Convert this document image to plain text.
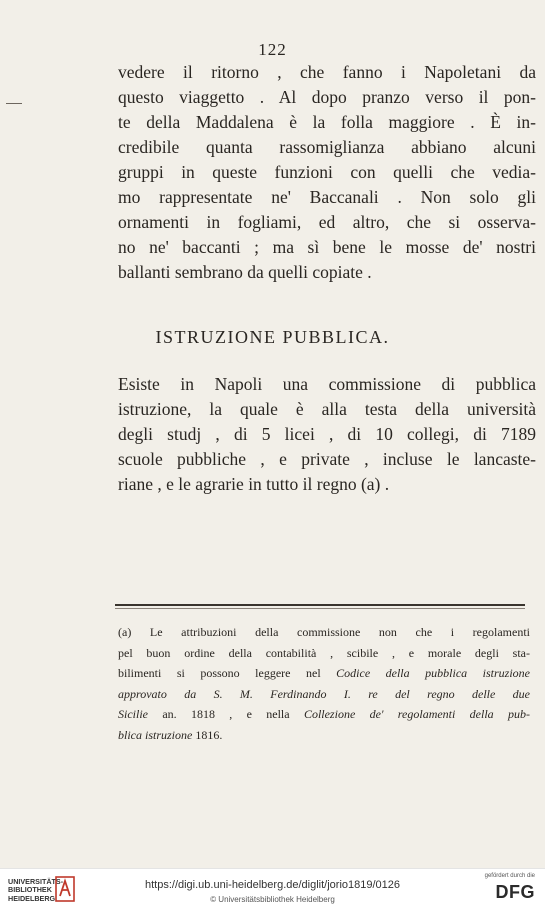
122

vedere il ritorno , che fanno i Napoletani da
questo viaggetto . Al dopo pranzo verso il pon-
te della Maddalena è la folla maggiore . È in-
credibile quanta rassomiglianza abbiano alcuni
gruppi in queste funzioni con quelli che vedia-
mo rappresentate ne' Baccanali . Non solo gli
ornamenti in fogliami, ed altro, che si osserva-
no ne' baccanti ; ma sì bene le mosse de' nostri
ballanti sembrano da quelli copiate .

ISTRUZIONE PUBBLICA.

Esiste in Napoli una commissione di pubblica
istruzione, la quale è alla testa della università
degli studj , di 5 licei , di 10 collegi, di 7189
scuole pubbliche , e private , incluse le lancaste-
riane , e le agrarie in tutto il regno (a) .

(a) Le attribuzioni della commissione non che i regolamenti
pel buon ordine della contabilità , scibile , e morale degli sta-
bilimenti si possono leggere nel Codice della pubblica istruzione
approvato da S. M. Ferdinando I. re del regno delle due
Sicilie an. 1818 , e nella Collezione de' regolamenti della pub-
blica istruzione 1816.

UNIVERSITÄTS-
BIBLIOTHEK
HEIDELBERG
https://digi.ub.uni-heidelberg.de/diglit/jorio1819/0126
© Universitätsbibliothek Heidelberg
gefördert durch die
DFG
